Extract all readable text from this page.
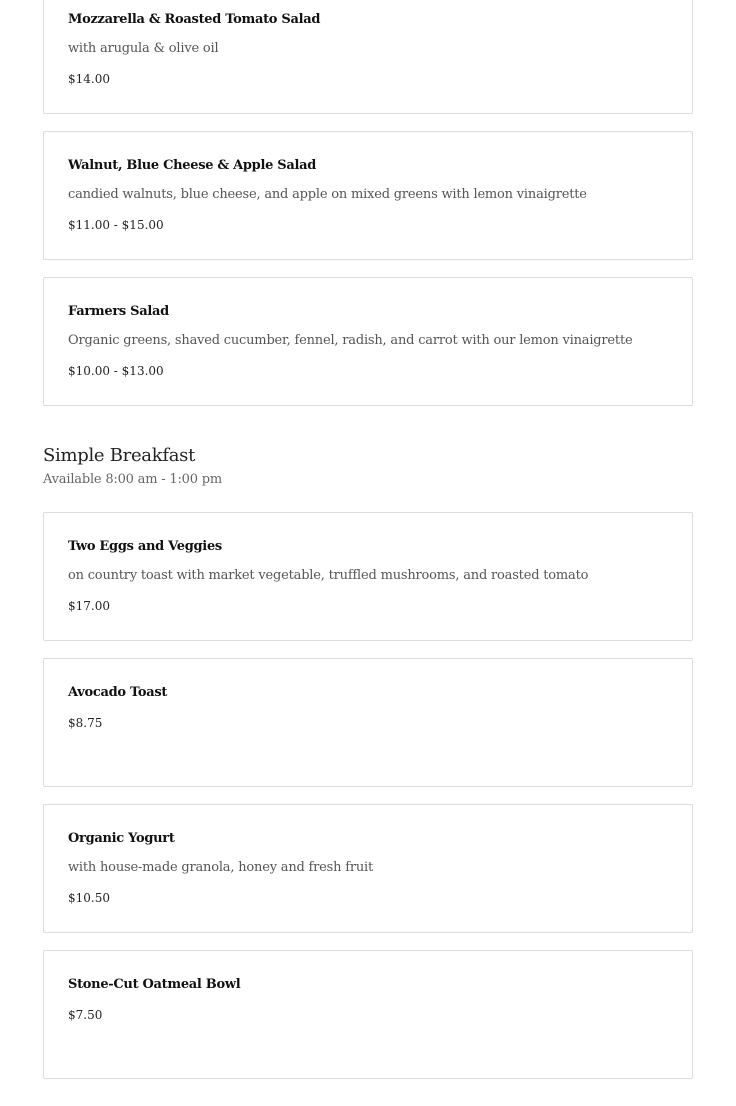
Mozzarella & Roasted Tomato Salad
with arugula & olive oil
$14.00
Walnut, Blue Cheese & Apple Salad
candied walnuts, blue cheese, and apple on mixed greens with lemon vinaigrette
$11.00 - $15.00
Farmers Salad
Organic greens, shaved cucumber, fennel, radish, and carrot with our lemon vinaigrette
$10.00 - $13.00
Simple Breakfast
Available 8:00 am - 1:00 pm
Two Eggs and Veggies
on country toast with market vegetable, truffled mushrooms, and roasted tomato
$17.00
Avocado Toast
$8.75
Organic Yogurt
with house-made granola, honey and fresh fruit
$10.50
Stone-Cut Oatmeal Bowl
$7.50
